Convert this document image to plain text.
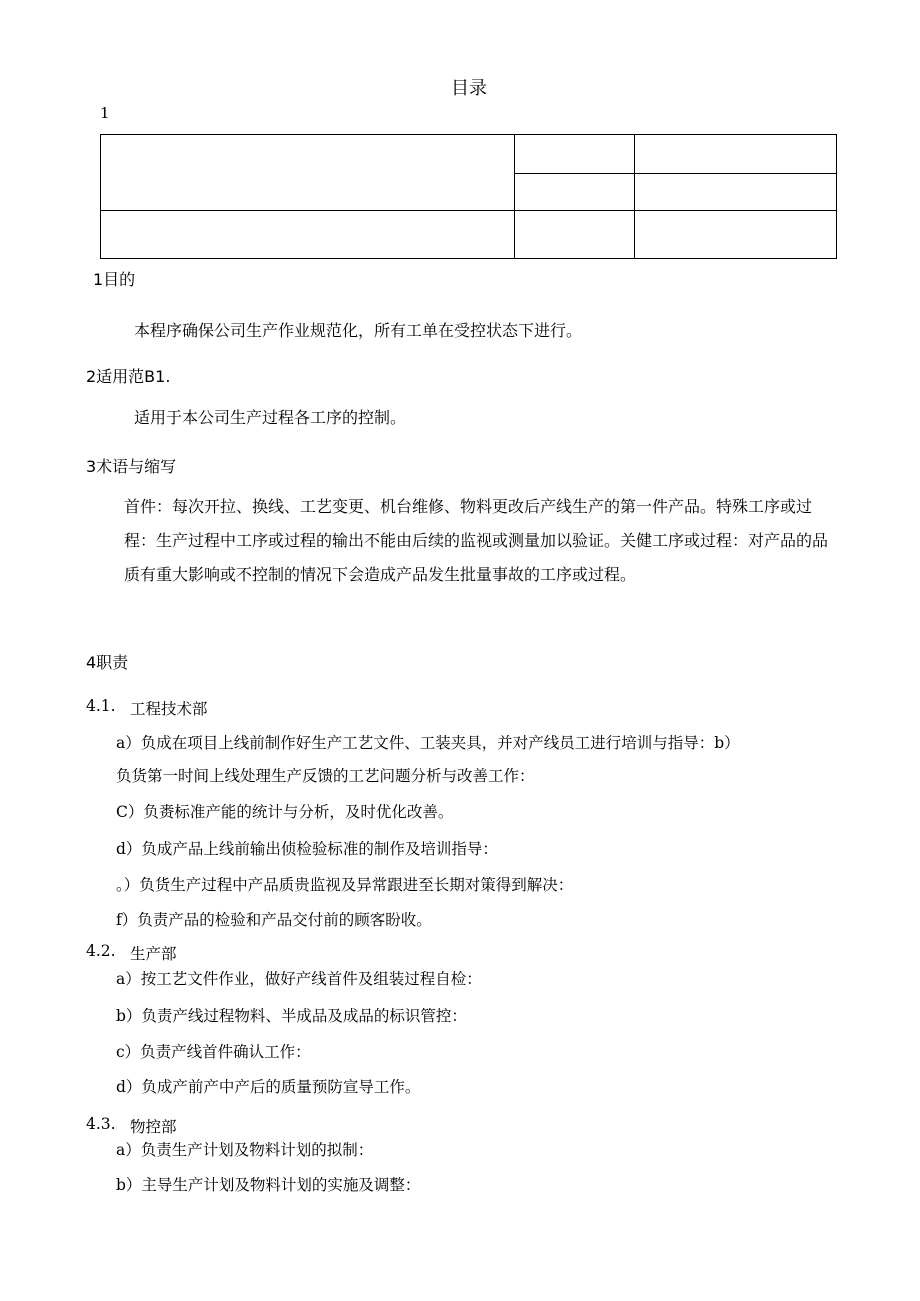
目录
1

1目的
本程序确保公司生产作业规范化，所有工单在受控状态下进行。
2适用范B1.
适用于本公司生产过程各工序的控制。
3术语与缩写
首件：每次开拉、换线、工艺变更、机台维修、物料更改后产线生产的第一件产品。特殊工序或过程：生产过程中工序或过程的输出不能由后续的监视或测量加以验证。关健工序或过程：对产品的品质有重大影响或不控制的情况下会造成产品发生批量事故的工序或过程。
4职责
4.1. 工程技术部
a）负成在项目上线前制作好生产工艺文件、工装夹具，并对产线员工进行培训与指导：b）
负货第一时间上线处理生产反馈的工艺问题分析与改善工作：
C）负赉标准产能的统计与分析，及时优化改善。
d）负成产品上线前输出侦检验标准的制作及培训指导：
。）负货生产过程中产品质贵监视及异常跟进至长期对策得到解决：
f）负责产品的检验和产品交付前的顾客盼收。
4.2. 生产部
a）按工艺文件作业，做好产线首件及组装过程自检：
b）负责产线过程物料、半成品及成品的标识管控：
c）负责产线首件确认工作：
d）负成产前产中产后的质量预防宣导工作。
4.3. 物控部
a）负责生产计划及物料计划的拟制：
b）主导生产计划及物料计划的实施及调整：
